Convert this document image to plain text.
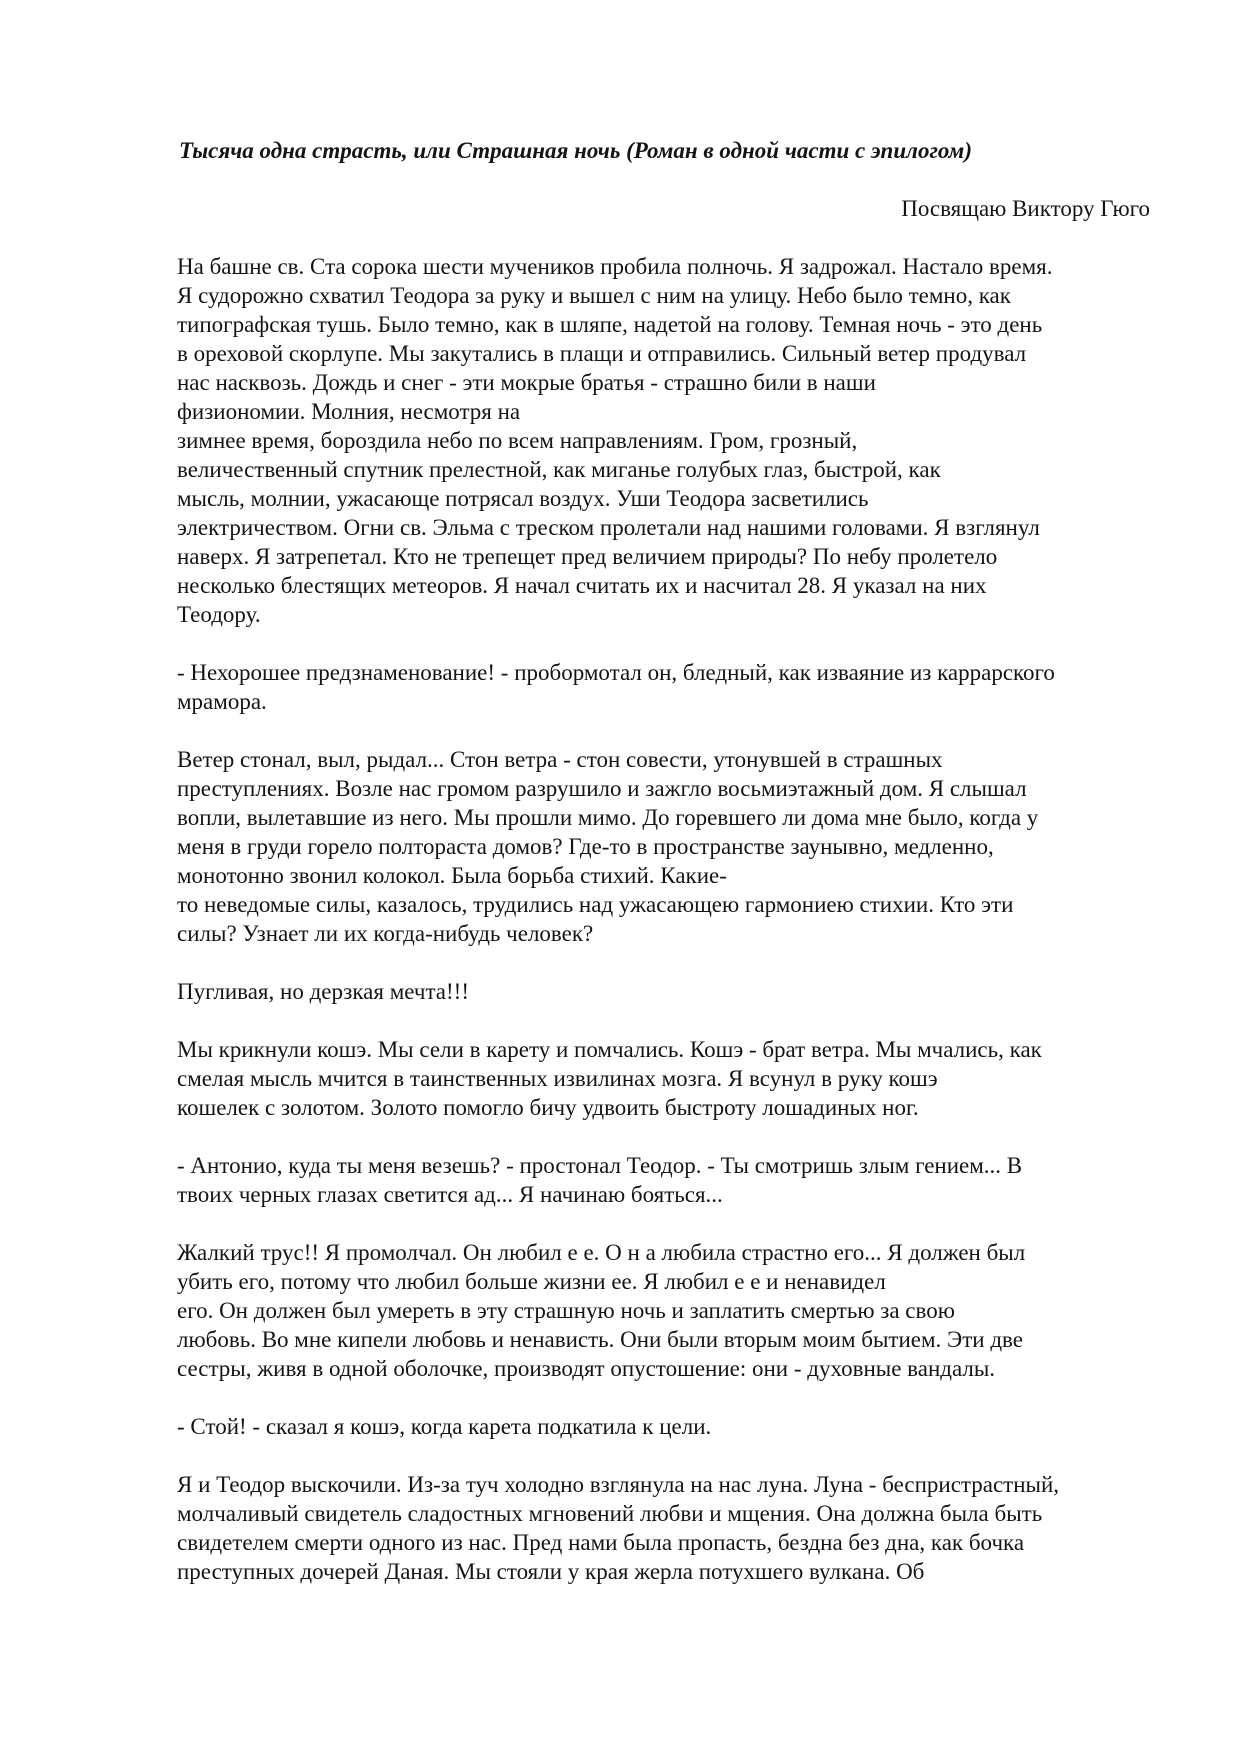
Тысяча одна страсть, или Страшная ночь (Роман в одной части с эпилогом)

Посвящаю Виктору Гюго

На башне св. Ста сорока шести мучеников пробила полночь. Я задрожал. Настало время.
Я судорожно схватил Теодора за руку и вышел с ним на улицу. Небо было темно, как
типографская тушь. Было темно, как в шляпе, надетой на голову. Темная ночь - это день
в ореховой скорлупе. Мы закутались в плащи и отправились. Сильный ветер продувал
нас насквозь. Дождь и снег - эти мокрые братья - страшно били в наши
физиономии. Молния, несмотря на
зимнее время, бороздила небо по всем направлениям. Гром, грозный,
величественный спутник прелестной, как миганье голубых глаз, быстрой, как
мысль, молнии, ужасающе потрясал воздух. Уши Теодора засветились
электричеством. Огни св. Эльма с треском пролетали над нашими головами. Я взглянул
наверх. Я затрепетал. Кто не трепещет пред величием природы? По небу пролетело
несколько блестящих метеоров. Я начал считать их и насчитал 28. Я указал на них
Теодору.
- Нехорошее предзнаменование! - пробормотал он, бледный, как изваяние из каррарского
мрамора.
Ветер стонал, выл, рыдал... Стон ветра - стон совести, утонувшей в страшных
преступлениях. Возле нас громом разрушило и зажгло восьмиэтажный дом. Я слышал
вопли, вылетавшие из него. Мы прошли мимо. До горевшего ли дома мне было, когда у
меня в груди горело полтораста домов? Где-то в пространстве заунывно, медленно,
монотонно звонил колокол. Была борьба стихий. Какие-
то неведомые силы, казалось, трудились над ужасающею гармониею стихии. Кто эти
силы? Узнает ли их когда-нибудь человек?
Пугливая, но дерзкая мечта!!!
Мы крикнули кошэ. Мы сели в карету и помчались. Кошэ - брат ветра. Мы мчались, как
смелая мысль мчится в таинственных извилинах мозга. Я всунул в руку кошэ
кошелек с золотом. Золото помогло бичу удвоить быстроту лошадиных ног.
- Антонио, куда ты меня везешь? - простонал Теодор. - Ты смотришь злым гением... В
твоих черных глазах светится ад... Я начинаю бояться...
Жалкий трус!! Я промолчал. Он любил е е. О н а любила страстно его... Я должен был
убить его, потому что любил больше жизни ее. Я любил е е и ненавидел
его. Он должен был умереть в эту страшную ночь и заплатить смертью за свою
любовь. Во мне кипели любовь и ненависть. Они были вторым моим бытием. Эти две
сестры, живя в одной оболочке, производят опустошение: они - духовные вандалы.
- Стой! - сказал я кошэ, когда карета подкатила к цели.
Я и Теодор выскочили. Из-за туч холодно взглянула на нас луна. Луна - беспристрастный,
молчаливый свидетель сладостных мгновений любви и мщения. Она должна была быть
свидетелем смерти одного из нас. Пред нами была пропасть, бездна без дна, как бочка
преступных дочерей Даная. Мы стояли у края жерла потухшего вулкана. Об
